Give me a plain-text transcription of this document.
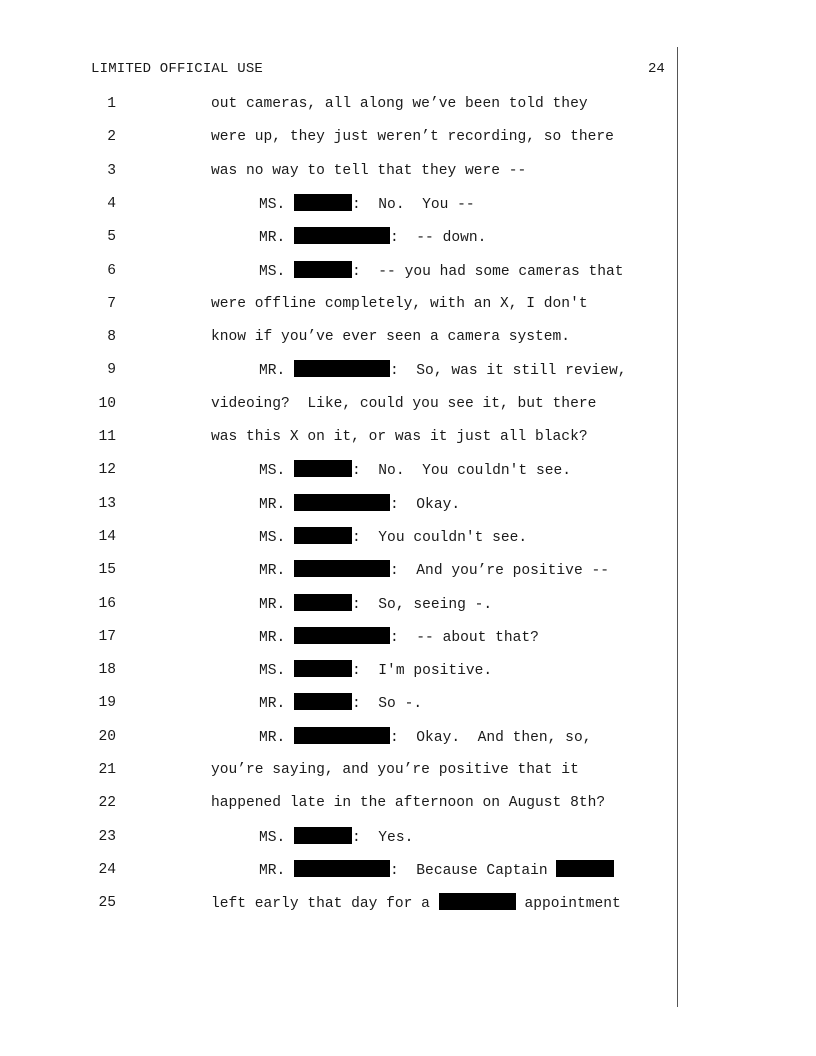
LIMITED OFFICIAL USE	24
1	out cameras, all along we’ve been told they
2	were up, they just weren’t recording, so there
3	was no way to tell that they were --
4	MS.	:  No.  You --
5	MR.	:  -- down.
6	MS.	:  -- you had some cameras that
7	were offline completely, with an X, I don't
8	know if you’ve ever seen a camera system.
9	MR.	:  So, was it still review,
10	videoing?  Like, could you see it, but there
11	was this X on it, or was it just all black?
12	MS.	:  No.  You couldn't see.
13	MR.	:  Okay.
14	MS.	:  You couldn't see.
15	MR.	:  And you’re positive --
16	MR.	:  So, seeing -.
17	MR.	:  -- about that?
18	MS.	:  I'm positive.
19	MR.	:  So -.
20	MR.	:  Okay.  And then, so,
21	you’re saying, and you’re positive that it
22	happened late in the afternoon on August 8th?
23	MS.	:  Yes.
24	MR.	:  Because Captain
25	left early that day for a	appointment
